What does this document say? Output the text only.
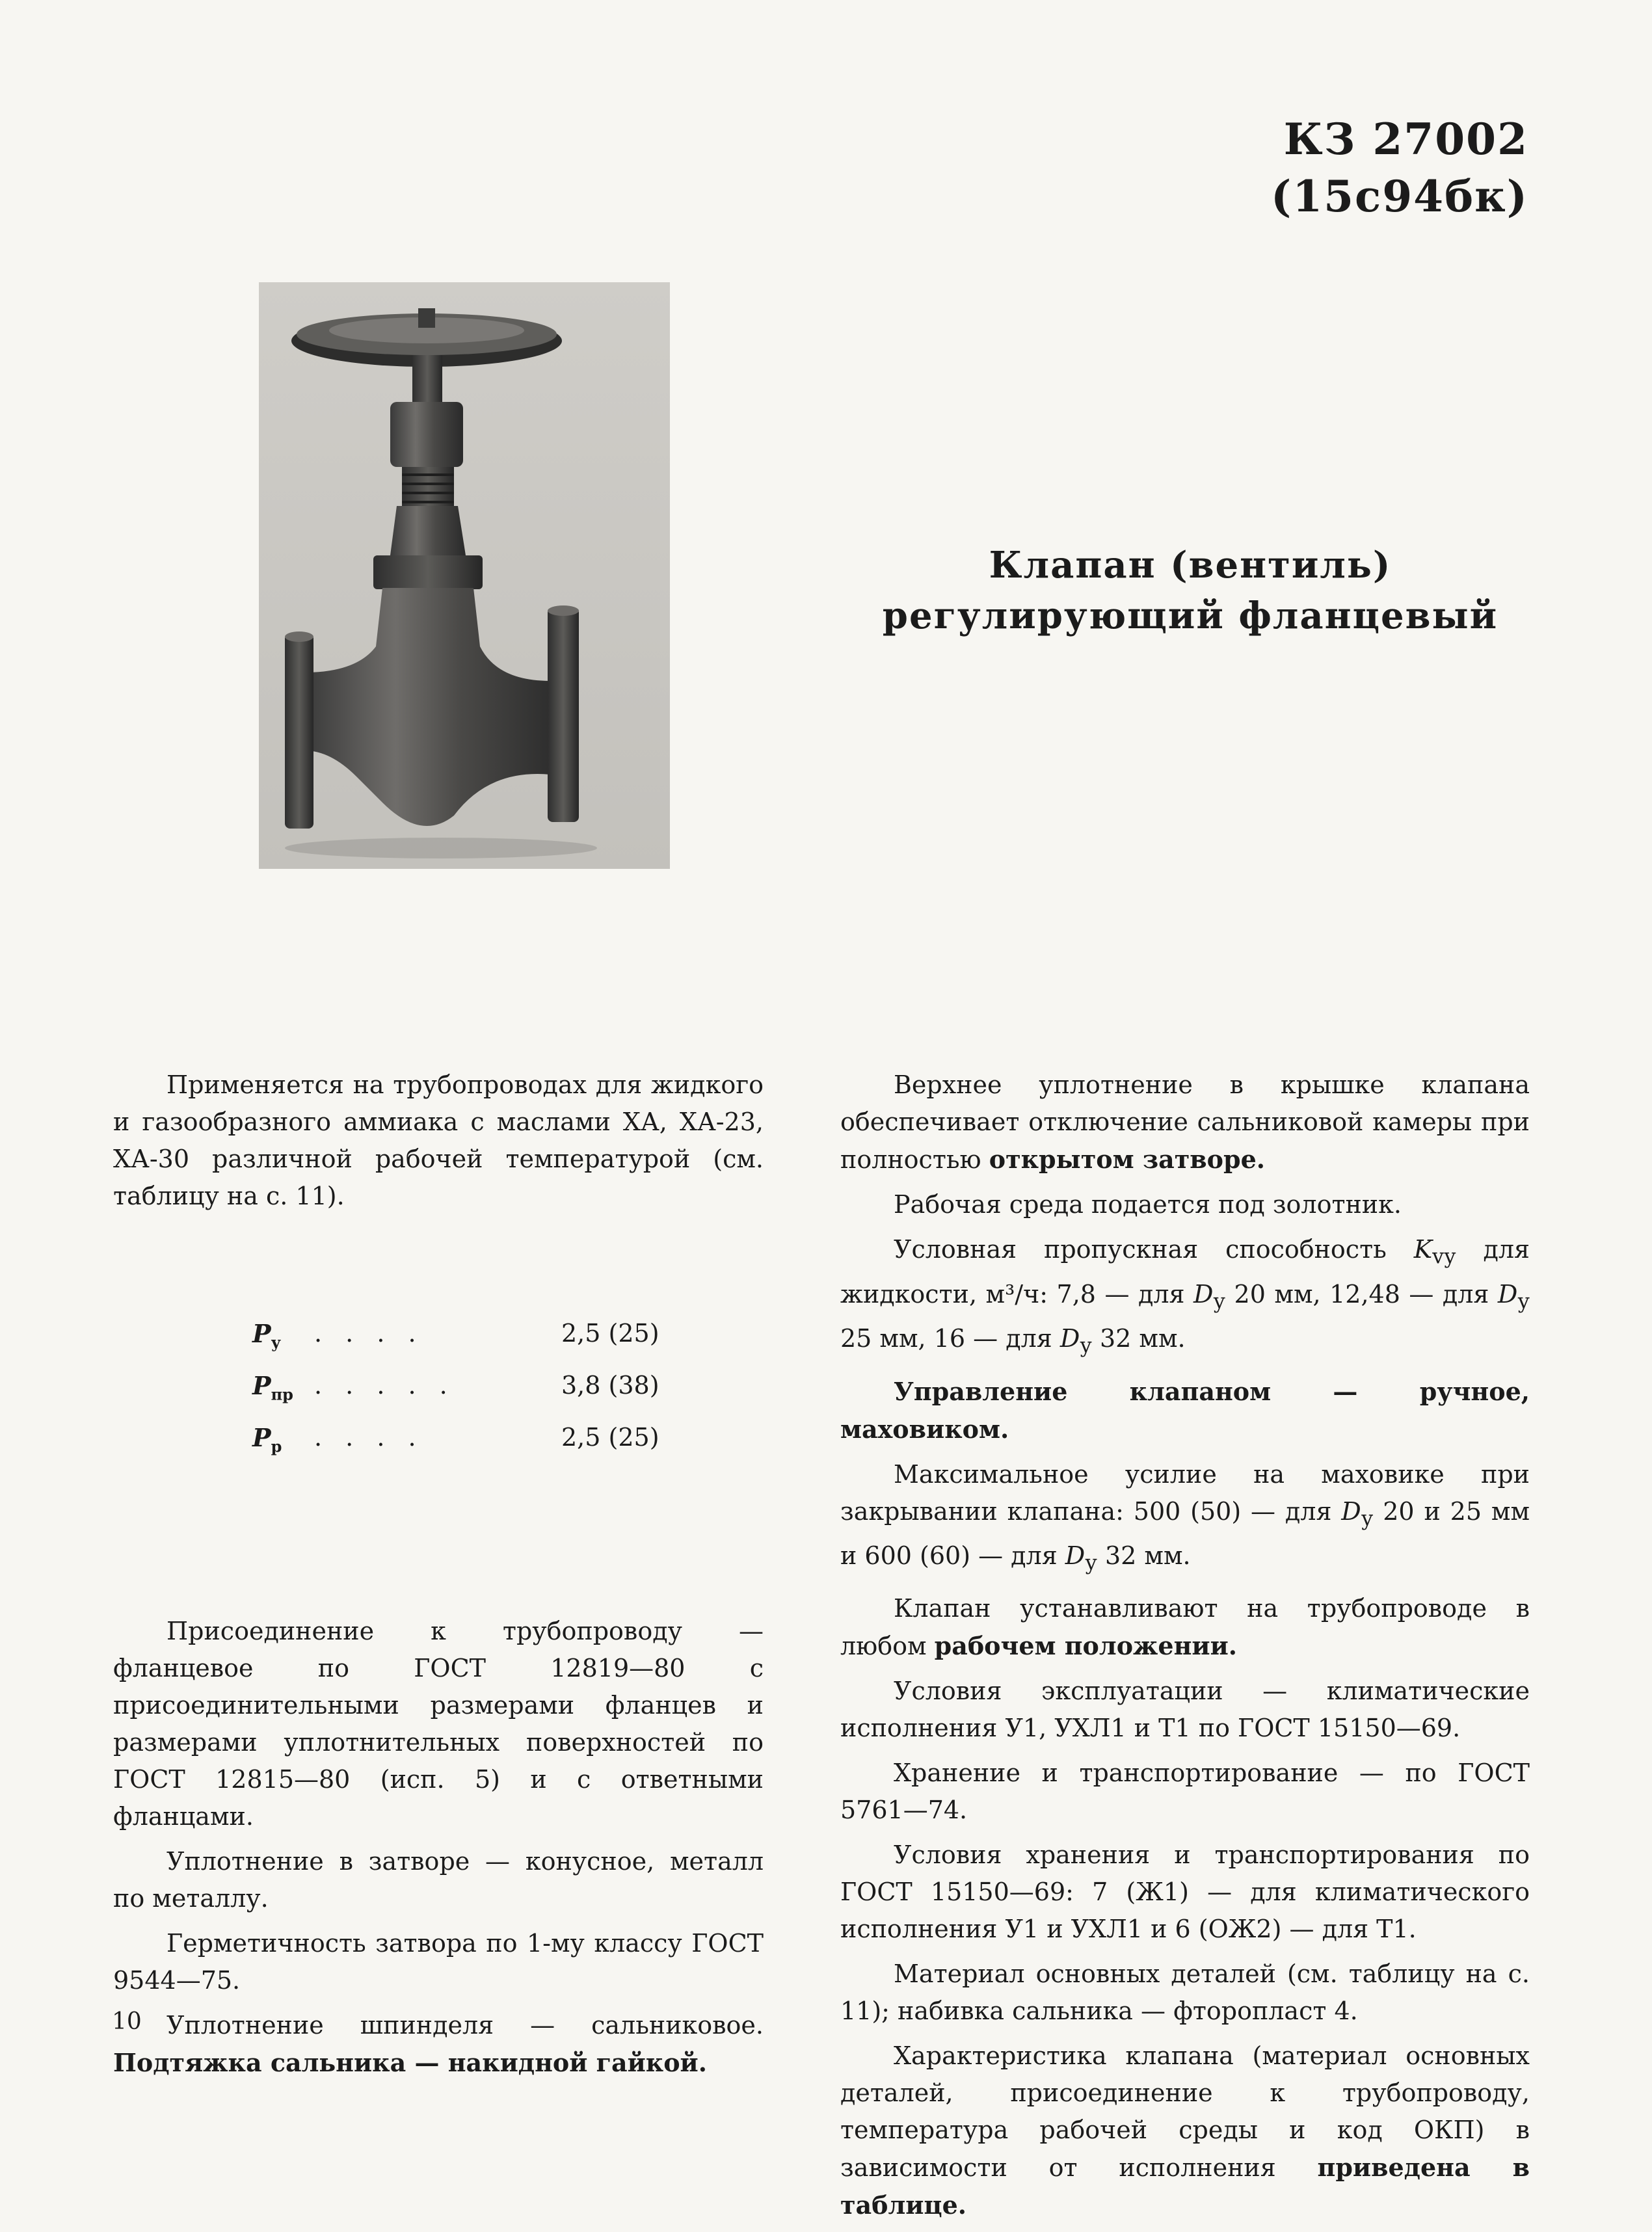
КЗ 27002
(15с94бк)
Клапан (вентиль)
регулирующий фланцевый

Применяется на трубопроводах для жидкого и газообразного аммиака с маслами ХА, ХА-23, ХА-30 различной рабочей температурой (см. таблицу на с. 11).

$P_у$ . . . .	2,5 (25)
$P_{пр}$ . . . . .	3,8 (38)
$P_р$ . . . .	2,5 (25)

Присоединение к трубопроводу — фланцевое по ГОСТ 12819—80 с присоединительными размерами фланцев и размерами уплотнительных поверхностей по ГОСТ 12815—80 (исп. 5) и с ответными фланцами.

Уплотнение в затворе — конусное, металл по металлу.

Герметичность затвора по 1-му классу ГОСТ 9544—75.

Уплотнение шпинделя — сальниковое. Подтяжка сальника — накидной гайкой.

Верхнее уплотнение в крышке клапана обеспечивает отключение сальниковой камеры при полностью открытом затворе.

Рабочая среда подается под золотник.

Условная пропускная способность $K_{vу}$ для жидкости, м³/ч: 7,8 — для $D_у$ 20 мм, 12,48 — для $D_у$ 25 мм, 16 — для $D_у$ 32 мм.

Управление клапаном — ручное, маховиком.

Максимальное усилие на маховике при закрывании клапана: 500 (50) — для $D_у$ 20 и 25 мм и 600 (60) — для $D_у$ 32 мм.

Клапан устанавливают на трубопроводе в любом рабочем положении.

Условия эксплуатации — климатические исполнения У1, УХЛ1 и Т1 по ГОСТ 15150—69.

Хранение и транспортирование — по ГОСТ 5761—74.

Условия хранения и транспортирования по ГОСТ 15150—69: 7 (Ж1) — для климатического исполнения У1 и УХЛ1 и 6 (ОЖ2) — для Т1.

Материал основных деталей (см. таблицу на с. 11); набивка сальника — фторопласт 4.

Характеристика клапана (материал основных деталей, присоединение к трубопроводу, температура рабочей среды и код ОКП) в зависимости от исполнения приведена в таблице.

10
